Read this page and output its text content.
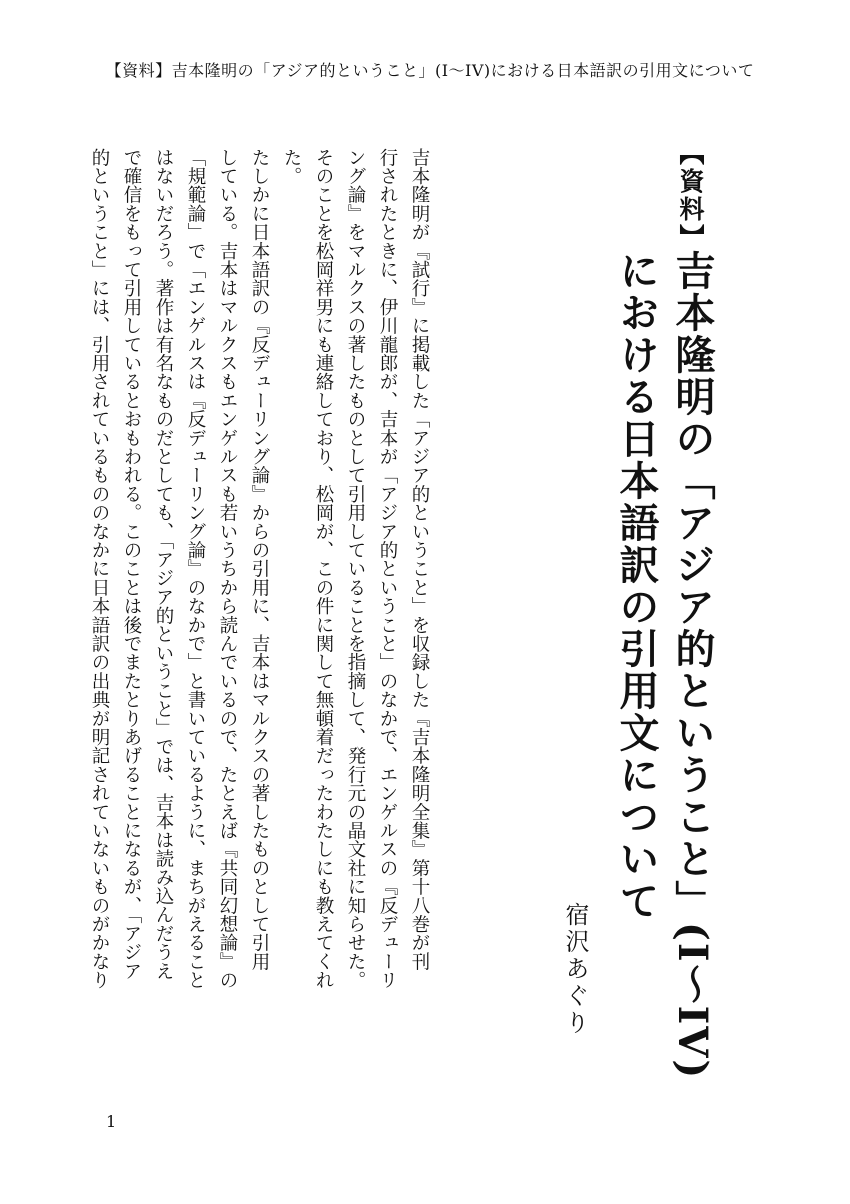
【資料】吉本隆明の「アジア的ということ」(I〜IV)における日本語訳の引用文について
【資料】
吉本隆明の「アジア的ということ」(I〜IV)
における日本語訳の引用文について
宿沢あぐり
吉本隆明が『試行』に掲載した「アジア的ということ」を収録した『吉本隆明全集』第十八巻が刊
行されたときに、伊川龍郎が、吉本が「アジア的ということ」のなかで、エンゲルスの『反デューリ
ング論』をマルクスの著したものとして引用していることを指摘して、発行元の晶文社に知らせた。
そのことを松岡祥男にも連絡しており、松岡が、この件に関して無頓着だったわたしにも教えてくれ
た。
たしかに日本語訳の『反デューリング論』からの引用に、吉本はマルクスの著したものとして引用
している。吉本はマルクスもエンゲルスも若いうちから読んでいるので、たとえば『共同幻想論』の
「規範論」で「エンゲルスは『反デューリング論』のなかで」と書いているように、まちがえること
はないだろう。著作は有名なものだとしても、「アジア的ということ」では、吉本は読み込んだうえ
で確信をもって引用しているとおもわれる。このことは後でまたとりあげることになるが、「アジア
的ということ」には、引用されているもののなかに日本語訳の出典が明記されていないものがかなり
1
